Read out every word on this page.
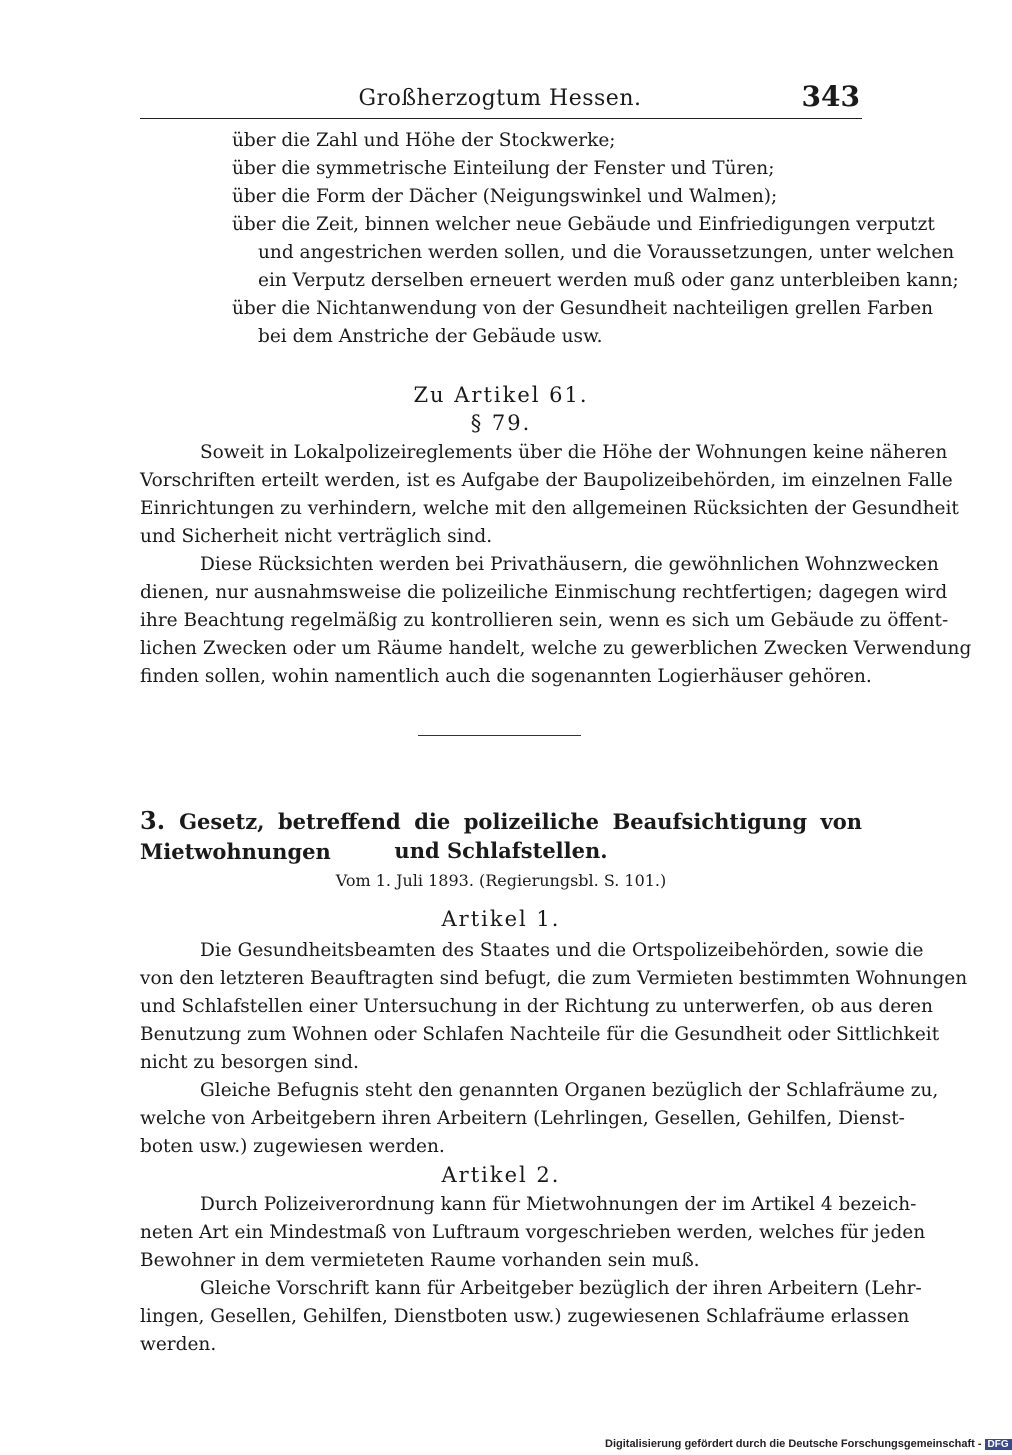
Großherzogtum Hessen.	343
über die Zahl und Höhe der Stockwerke;
über die symmetrische Einteilung der Fenster und Türen;
über die Form der Dächer (Neigungswinkel und Walmen);
über die Zeit, binnen welcher neue Gebäude und Einfriedigungen verputzt
und angestrichen werden sollen, und die Voraussetzungen, unter welchen
ein Verputz derselben erneuert werden muß oder ganz unterbleiben kann;
über die Nichtanwendung von der Gesundheit nachteiligen grellen Farben
bei dem Anstriche der Gebäude usw.
Zu Artikel 61.
§ 79.
Soweit in Lokalpolizeireglements über die Höhe der Wohnungen keine näheren
Vorschriften erteilt werden, ist es Aufgabe der Baupolizeibehörden, im einzelnen Falle
Einrichtungen zu verhindern, welche mit den allgemeinen Rücksichten der Gesundheit
und Sicherheit nicht verträglich sind.
Diese Rücksichten werden bei Privathäusern, die gewöhnlichen Wohnzwecken
dienen, nur ausnahmsweise die polizeiliche Einmischung rechtfertigen; dagegen wird
ihre Beachtung regelmäßig zu kontrollieren sein, wenn es sich um Gebäude zu öffent-
lichen Zwecken oder um Räume handelt, welche zu gewerblichen Zwecken Verwendung
finden sollen, wohin namentlich auch die sogenannten Logierhäuser gehören.
3. Gesetz, betreffend die polizeiliche Beaufsichtigung von Mietwohnungen	und Schlafstellen.
Vom 1. Juli 1893. (Regierungsbl. S. 101.)
Artikel 1.
Die Gesundheitsbeamten des Staates und die Ortspolizeibehörden, sowie die
von den letzteren Beauftragten sind befugt, die zum Vermieten bestimmten Wohnungen
und Schlafstellen einer Untersuchung in der Richtung zu unterwerfen, ob aus deren
Benutzung zum Wohnen oder Schlafen Nachteile für die Gesundheit oder Sittlichkeit
nicht zu besorgen sind.
Gleiche Befugnis steht den genannten Organen bezüglich der Schlafräume zu,
welche von Arbeitgebern ihren Arbeitern (Lehrlingen, Gesellen, Gehilfen, Dienst-
boten usw.) zugewiesen werden.
Artikel 2.
Durch Polizeiverordnung kann für Mietwohnungen der im Artikel 4 bezeich-
neten Art ein Mindestmaß von Luftraum vorgeschrieben werden, welches für jeden
Bewohner in dem vermieteten Raume vorhanden sein muß.
Gleiche Vorschrift kann für Arbeitgeber bezüglich der ihren Arbeitern (Lehr-
lingen, Gesellen, Gehilfen, Dienstboten usw.) zugewiesenen Schlafräume erlassen
werden.
Digitalisierung gefördert durch die Deutsche Forschungsgemeinschaft - DFG
